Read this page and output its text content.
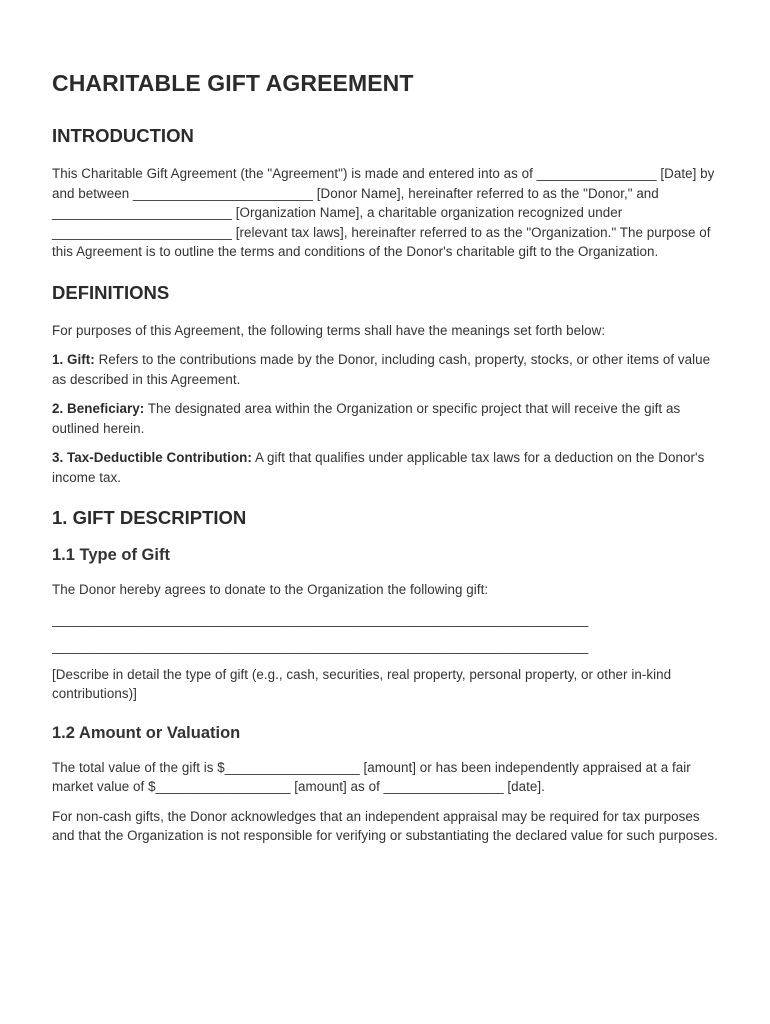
CHARITABLE GIFT AGREEMENT
INTRODUCTION

This Charitable Gift Agreement (the "Agreement") is made and entered into as of ________________ [Date] by and between ________________________ [Donor Name], hereinafter referred to as the "Donor," and ________________________ [Organization Name], a charitable organization recognized under ________________________ [relevant tax laws], hereinafter referred to as the "Organization." The purpose of this Agreement is to outline the terms and conditions of the Donor's charitable gift to the Organization.

DEFINITIONS

For purposes of this Agreement, the following terms shall have the meanings set forth below:

1. Gift: Refers to the contributions made by the Donor, including cash, property, stocks, or other items of value as described in this Agreement.

2. Beneficiary: The designated area within the Organization or specific project that will receive the gift as outlined herein.

3. Tax-Deductible Contribution: A gift that qualifies under applicable tax laws for a deduction on the Donor's income tax.

1. GIFT DESCRIPTION
1.1 Type of Gift

The Donor hereby agrees to donate to the Organization the following gift:

________________________________________________________________________
________________________________________________________________________

[Describe in detail the type of gift (e.g., cash, securities, real property, personal property, or other in-kind contributions)]

1.2 Amount or Valuation

The total value of the gift is $__________________ [amount] or has been independently appraised at a fair market value of $__________________ [amount] as of ________________ [date].

For non-cash gifts, the Donor acknowledges that an independent appraisal may be required for tax purposes and that the Organization is not responsible for verifying or substantiating the declared value for such purposes.
